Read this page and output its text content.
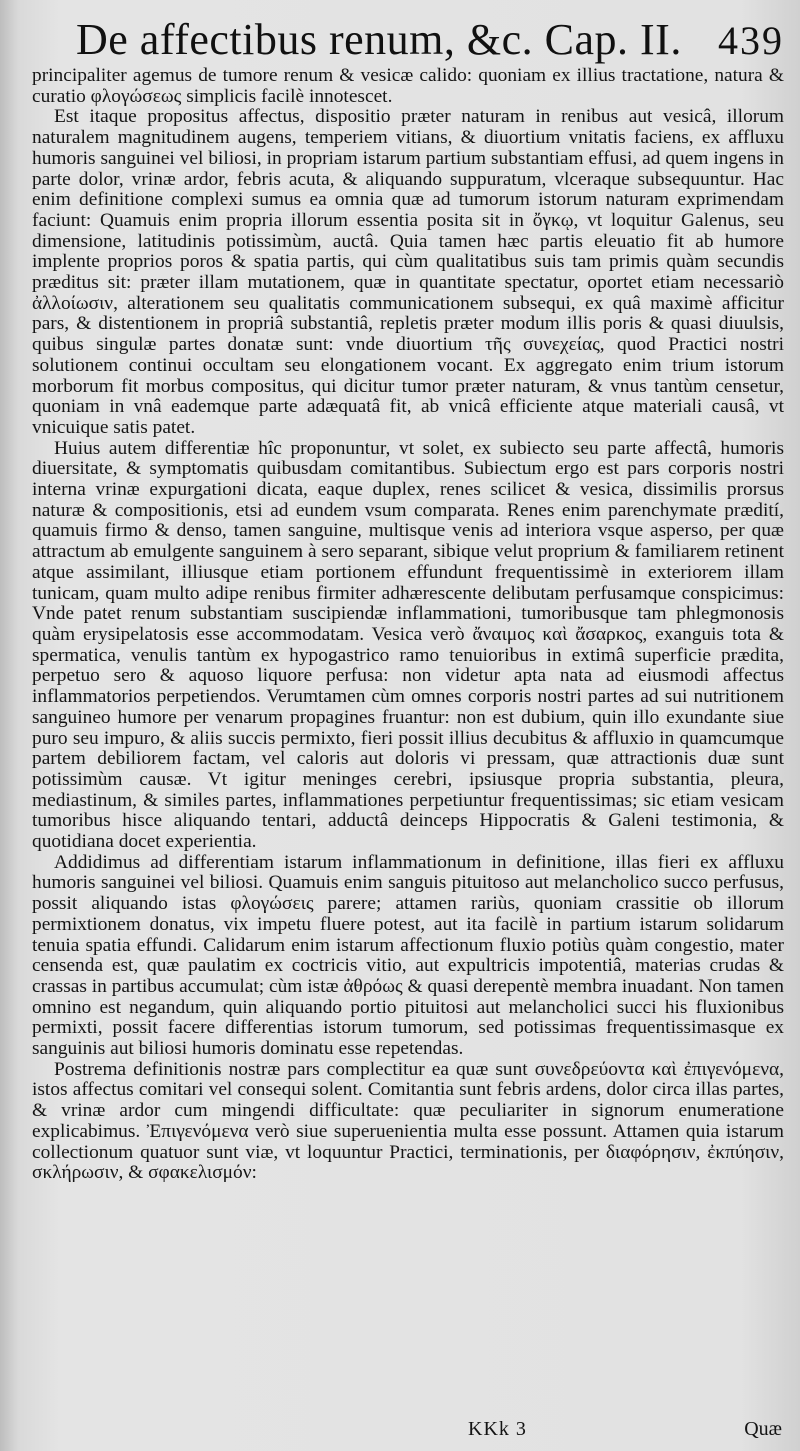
De affectibus renum, &c. Cap. II. 439

principaliter agemus de tumore renum & vesicæ calido: quoniam ex illius tractatione, natura & curatio φλογώσεως simplicis facilè innotescet.

Est itaque propositus affectus, dispositio præter naturam in renibus aut vesicâ, illorum naturalem magnitudinem augens, temperiem vitians, & diuortium vnitatis faciens, ex affluxu humoris sanguinei vel biliosi, in propriam istarum partium substantiam effusi, ad quem ingens in parte dolor, vrinæ ardor, febris acuta, & aliquando suppuratum, vlceraque subsequuntur. Hac enim definitione complexi sumus ea omnia quæ ad tumorum istorum naturam exprimendam faciunt: Quamuis enim propria illorum essentia posita sit in ὄγκῳ, vt loquitur Galenus, seu dimensione, latitudinis potissimùm, auctâ. Quia tamen hæc partis eleuatio fit ab humore implente proprios poros & spatia partis, qui cùm qualitatibus suis tam primis quàm secundis præditus sit: præter illam mutationem, quæ in quantitate spectatur, oportet etiam necessariò ἀλλοίωσιν, alterationem seu qualitatis communicationem subsequi, ex quâ maximè afficitur pars, & distentionem in propriâ substantiâ, repletis præter modum illis poris & quasi diuulsis, quibus singulæ partes donatæ sunt: vnde diuortium τῆς συνεχείας, quod Practici nostri solutionem continui occultam seu elongationem vocant. Ex aggregato enim trium istorum morborum fit morbus compositus, qui dicitur tumor præter naturam, & vnus tantùm censetur, quoniam in vnâ eademque parte adæquatâ fit, ab vnicâ efficiente atque materiali causâ, vt vnicuique satis patet.

Huius autem differentiæ hîc proponuntur, vt solet, ex subiecto seu parte affectâ, humoris diuersitate, & symptomatis quibusdam comitantibus. Subiectum ergo est pars corporis nostri interna vrinæ expurgationi dicata, eaque duplex, renes scilicet & vesica, dissimilis prorsus naturæ & compositionis, etsi ad eundem vsum comparata. Renes enim parenchymate prædití, quamuis firmo & denso, tamen sanguine, multisque venis ad interiora vsque asperso, per quæ attractum ab emulgente sanguinem à sero separant, sibique velut proprium & familiarem retinent atque assimilant, illiusque etiam portionem effundunt frequentissimè in exteriorem illam tunicam, quam multo adipe renibus firmiter adhærescente delibutam perfusamque conspicimus: Vnde patet renum substantiam suscipiendæ inflammationi, tumoribusque tam phlegmonosis quàm erysipelatosis esse accommodatam. Vesica verò ἄναιμος καὶ ἄσαρκος, exanguis tota & spermatica, venulis tantùm ex hypogastrico ramo tenuioribus in extimâ superficie prædita, perpetuo sero & aquoso liquore perfusa: non videtur apta nata ad eiusmodi affectus inflammatorios perpetiendos. Verumtamen cùm omnes corporis nostri partes ad sui nutritionem sanguineo humore per venarum propagines fruantur: non est dubium, quin illo exundante siue puro seu impuro, & aliis succis permixto, fieri possit illius decubitus & affluxio in quamcumque partem debiliorem factam, vel caloris aut doloris vi pressam, quæ attractionis duæ sunt potissimùm causæ. Vt igitur meninges cerebri, ipsiusque propria substantia, pleura, mediastinum, & similes partes, inflammationes perpetiuntur frequentissimas; sic etiam vesicam tumoribus hisce aliquando tentari, adductâ deinceps Hippocratis & Galeni testimonia, & quotidiana docet experientia.

Addidimus ad differentiam istarum inflammationum in definitione, illas fieri ex affluxu humoris sanguinei vel biliosi. Quamuis enim sanguis pituitoso aut melancholico succo perfusus, possit aliquando istas φλογώσεις parere; attamen rariùs, quoniam crassitie ob illorum permixtionem donatus, vix impetu fluere potest, aut ita facilè in partium istarum solidarum tenuia spatia effundi. Calidarum enim istarum affectionum fluxio potiùs quàm congestio, mater censenda est, quæ paulatim ex coctricis vitio, aut expultricis impotentiâ, materias crudas & crassas in partibus accumulat; cùm istæ ἀθρόως & quasi derepentè membra inuadant. Non tamen omnino est negandum, quin aliquando portio pituitosi aut melancholici succi his fluxionibus permixti, possit facere differentias istorum tumorum, sed potissimas frequentissimasque ex sanguinis aut biliosi humoris dominatu esse repetendas.

Postrema definitionis nostræ pars complectitur ea quæ sunt συνεδρεύοντα καὶ ἐπιγενόμενα, istos affectus comitari vel consequi solent. Comitantia sunt febris ardens, dolor circa illas partes, & vrinæ ardor cum mingendi difficultate: quæ peculiariter in signorum enumeratione explicabimus. Ἐπιγενόμενα verò siue superuenientia multa esse possunt. Attamen quia istarum collectionum quatuor sunt viæ, vt loquuntur Practici, terminationis, per διαφόρησιν, ἐκπύησιν, σκλήρωσιν, & σφακελισμόν:

KKk 3	Quæ
